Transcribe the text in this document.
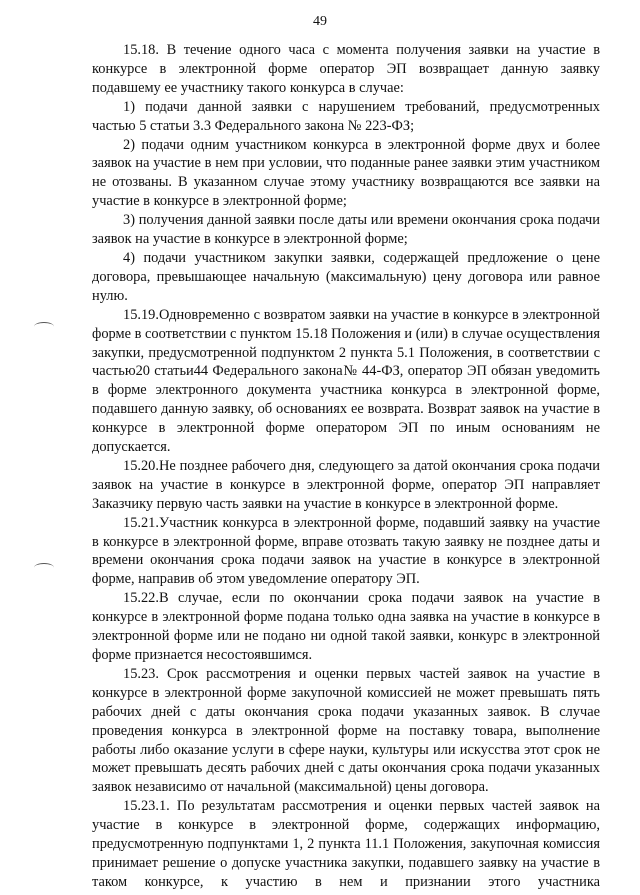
49

15.18. В течение одного часа с момента получения заявки на участие в конкурсе в электронной форме оператор ЭП возвращает данную заявку подавшему ее участнику такого конкурса в случае:

1) подачи данной заявки с нарушением требований, предусмотренных частью 5 статьи 3.3 Федерального закона № 223-ФЗ;

2) подачи одним участником конкурса в электронной форме двух и более заявок на участие в нем при условии, что поданные ранее заявки этим участником не отозваны. В указанном случае этому участнику возвращаются все заявки на участие в конкурсе в электронной форме;

3) получения данной заявки после даты или времени окончания срока подачи заявок на участие в конкурсе в электронной форме;

4) подачи участником закупки заявки, содержащей предложение о цене договора, превышающее начальную (максимальную) цену договора или равное нулю.

15.19.Одновременно с возвратом заявки на участие в конкурсе в электронной форме в соответствии с пунктом 15.18 Положения и (или) в случае осуществления закупки, предусмотренной подпунктом 2 пункта 5.1 Положения, в соответствии с частью20 статьи44 Федерального закона№ 44-ФЗ, оператор ЭП обязан уведомить в форме электронного документа участника конкурса в электронной форме, подавшего данную заявку, об основаниях ее возврата. Возврат заявок на участие в конкурсе в электронной форме оператором ЭП по иным основаниям не допускается.

15.20.Не позднее рабочего дня, следующего за датой окончания срока подачи заявок на участие в конкурсе в электронной форме, оператор ЭП направляет Заказчику первую часть заявки на участие в конкурсе в электронной форме.

15.21.Участник конкурса в электронной форме, подавший заявку на участие в конкурсе в электронной форме, вправе отозвать такую заявку не позднее даты и времени окончания срока подачи заявок на участие в конкурсе в электронной форме, направив об этом уведомление оператору ЭП.

15.22.В случае, если по окончании срока подачи заявок на участие в конкурсе в электронной форме подана только одна заявка на участие в конкурсе в электронной форме или не подано ни одной такой заявки, конкурс в электронной форме признается несостоявшимся.

15.23. Срок рассмотрения и оценки первых частей заявок на участие в конкурсе в электронной форме закупочной комиссией не может превышать пять рабочих дней с даты окончания срока подачи указанных заявок. В случае проведения конкурса в электронной форме на поставку товара, выполнение работы либо оказание услуги в сфере науки, культуры или искусства этот срок не может превышать десять рабочих дней с даты окончания срока подачи указанных заявок независимо от начальной (максимальной) цены договора.

15.23.1. По результатам рассмотрения и оценки первых частей заявок на участие в конкурсе в электронной форме, содержащих информацию, предусмотренную подпунктами 1, 2 пункта 11.1 Положения, закупочная комиссия принимает решение о допуске участника закупки, подавшего заявку на участие в таком конкурсе, к участию в нем и признании этого участника
